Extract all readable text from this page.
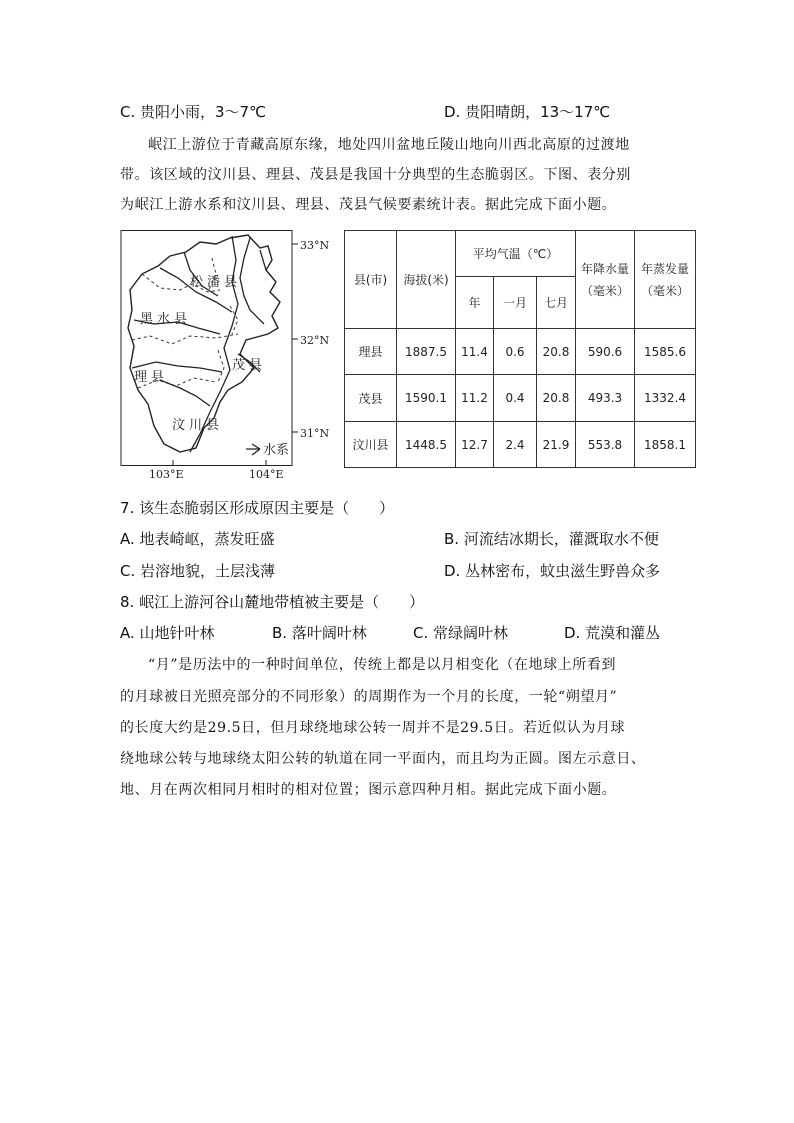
C. 贵阳小雨，3～7℃	D. 贵阳晴朗，13～17℃
岷江上游位于青藏高原东缘，地处四川盆地丘陵山地向川西北高原的过渡地
带。该区域的汶川县、理县、茂县是我国十分典型的生态脆弱区。下图、表分别
为岷江上游水系和汶川县、理县、茂县气候要素统计表。据此完成下面小题。
33°N
32°N
31°N
松潘县
黑水县
茂县
理县
汶川县
水系
103°E	104°E
县(市)	海拔(米)	平均气温（℃）			年降水量（毫米）	年蒸发量（毫米）
		年	一月	七月		
理县	1887.5	11.4	0.6	20.8	590.6	1585.6
茂县	1590.1	11.2	0.4	20.8	493.3	1332.4
汶川县	1448.5	12.7	2.4	21.9	553.8	1858.1
7. 该生态脆弱区形成原因主要是（　　）
A. 地表崎岖，蒸发旺盛	B. 河流结冰期长，灌溉取水不便
C. 岩溶地貌，土层浅薄	D. 丛林密布，蚊虫滋生野兽众多
8. 岷江上游河谷山麓地带植被主要是（　　）
A. 山地针叶林	B. 落叶阔叶林	C. 常绿阔叶林	D. 荒漠和灌丛
“月”是历法中的一种时间单位，传统上都是以月相变化（在地球上所看到
的月球被日光照亮部分的不同形象）的周期作为一个月的长度，一轮“朔望月”
的长度大约是29.5日，但月球绕地球公转一周并不是29.5日。若近似认为月球
绕地球公转与地球绕太阳公转的轨道在同一平面内，而且均为正圆。图左示意日、
地、月在两次相同月相时的相对位置；图示意四种月相。据此完成下面小题。
